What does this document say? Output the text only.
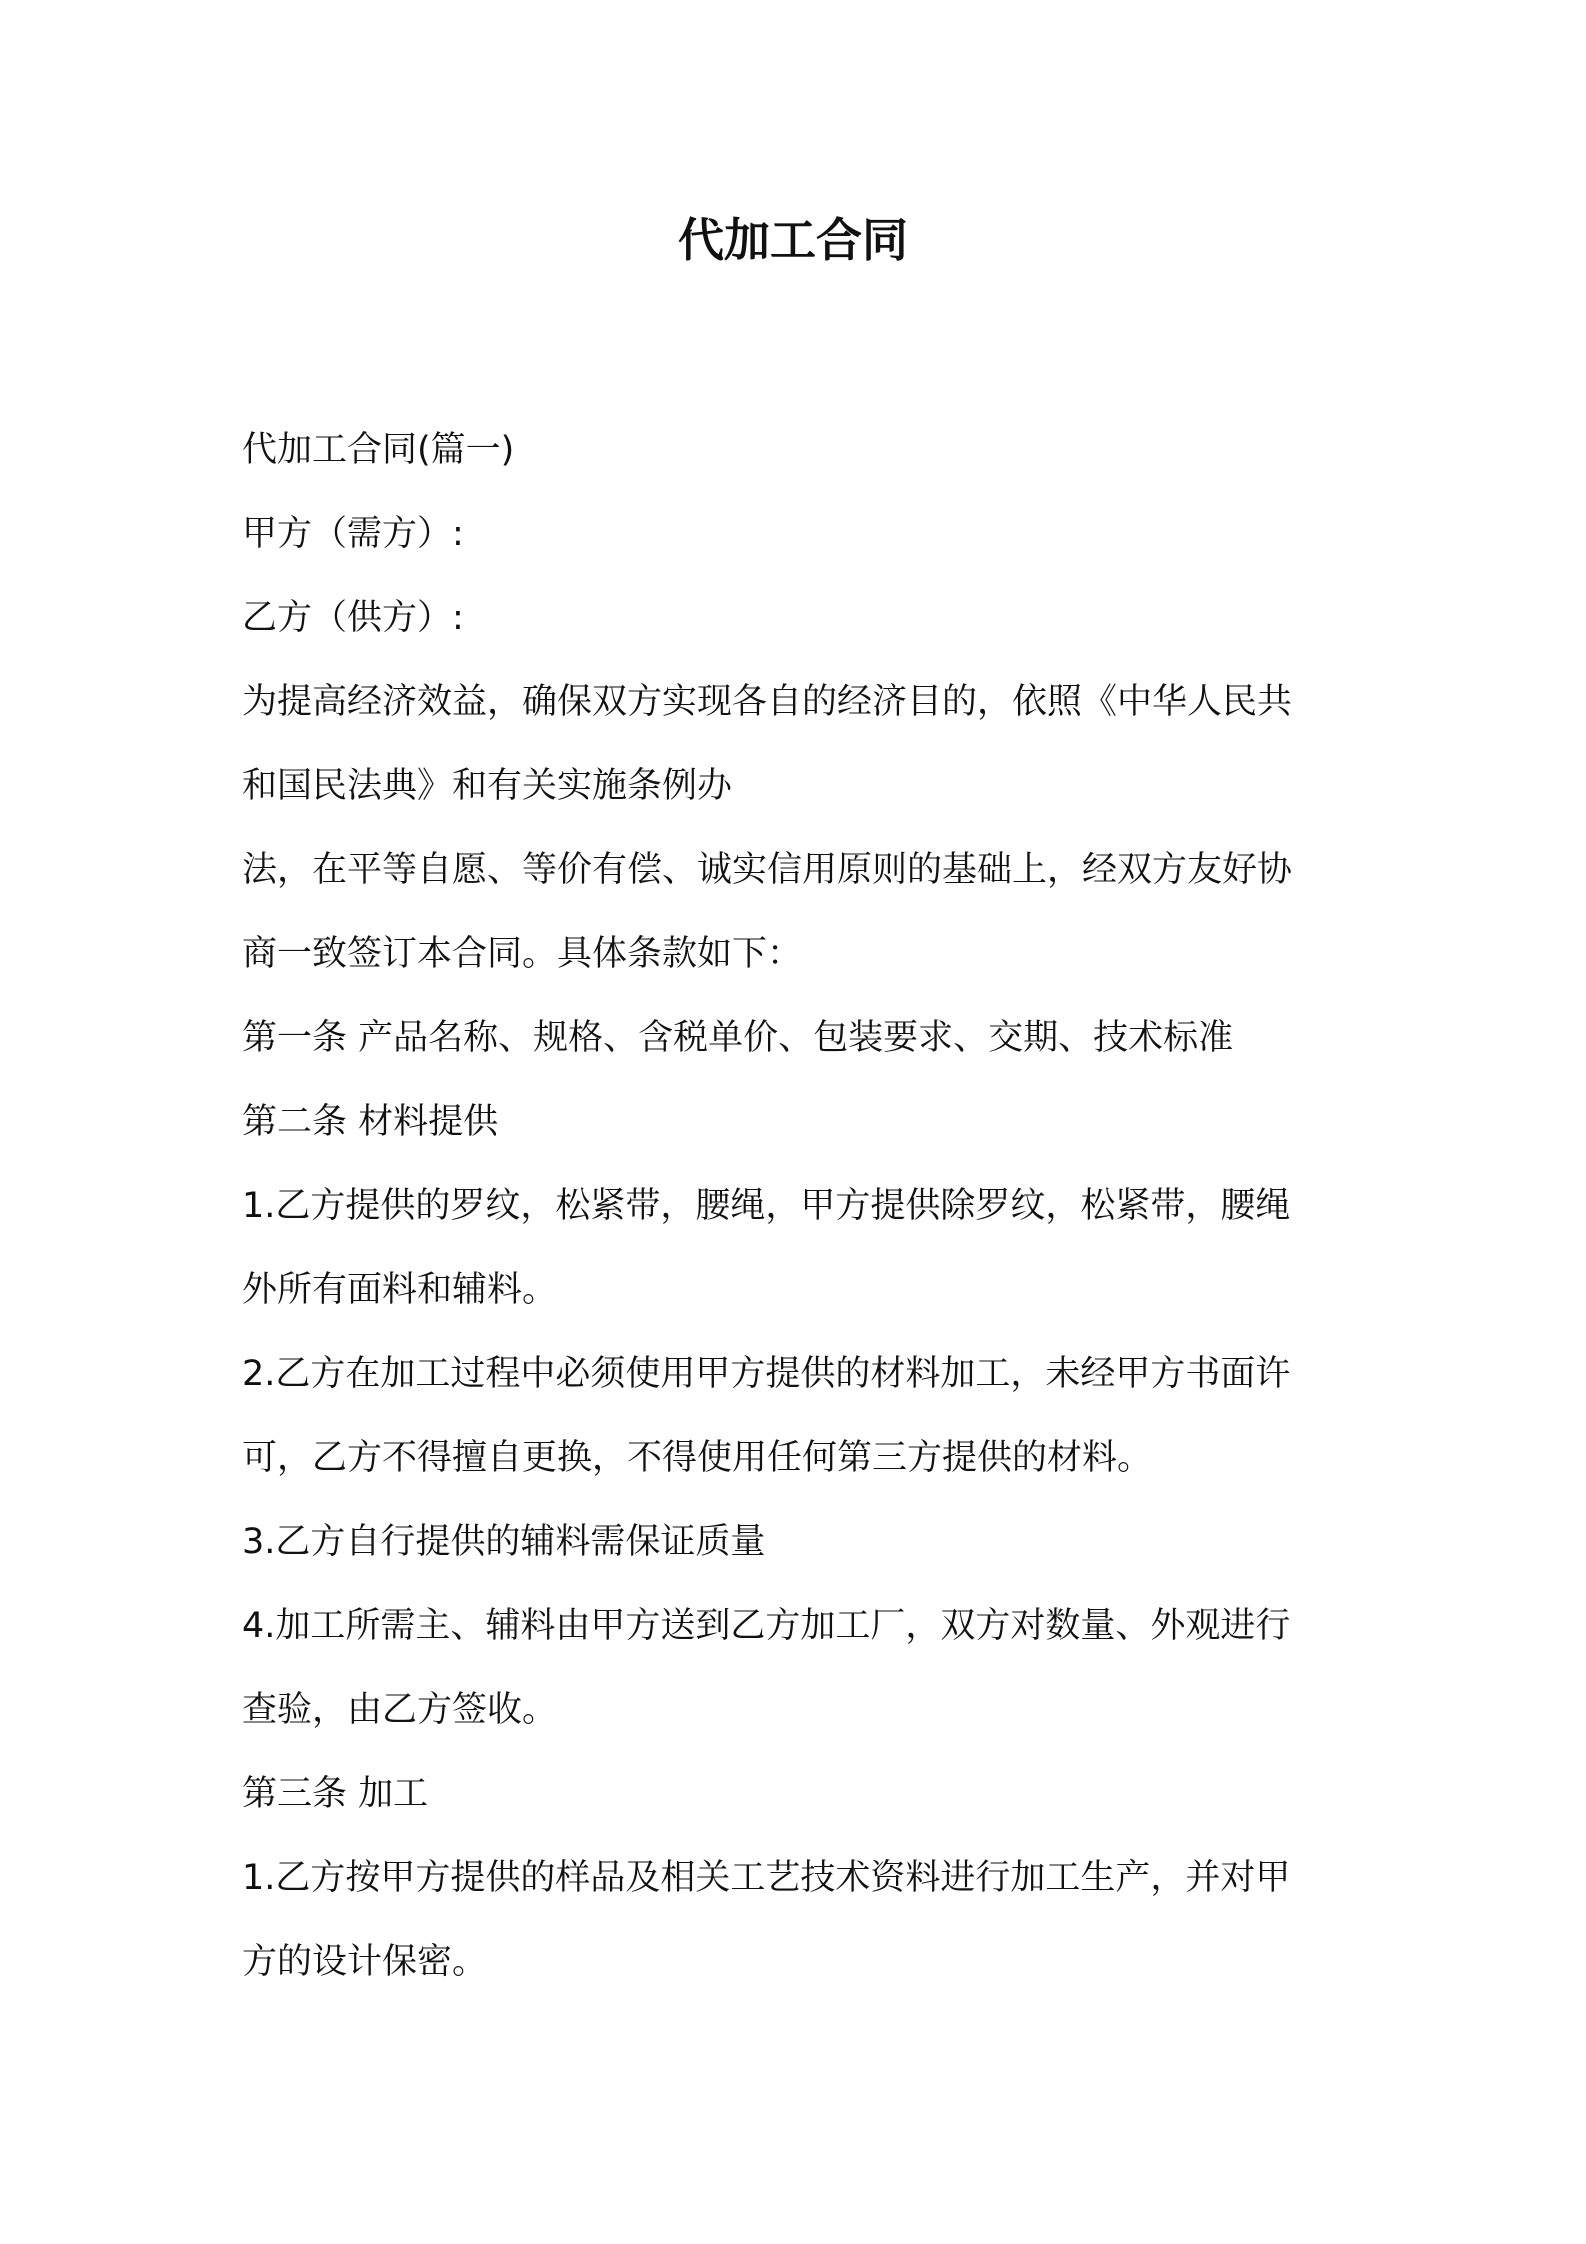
代加工合同

代加工合同(篇一)

甲方（需方）:

乙方（供方）:

为提高经济效益，确保双方实现各自的经济目的，依照《中华人民共

和国民法典》和有关实施条例办

法，在平等自愿、等价有偿、诚实信用原则的基础上，经双方友好协

商一致签订本合同。具体条款如下：

第一条 产品名称、规格、含税单价、包装要求、交期、技术标准

第二条 材料提供

1.乙方提供的罗纹，松紧带，腰绳，甲方提供除罗纹，松紧带，腰绳

外所有面料和辅料。

2.乙方在加工过程中必须使用甲方提供的材料加工，未经甲方书面许

可，乙方不得擅自更换，不得使用任何第三方提供的材料。

3.乙方自行提供的辅料需保证质量

4.加工所需主、辅料由甲方送到乙方加工厂，双方对数量、外观进行

查验，由乙方签收。

第三条 加工

1.乙方按甲方提供的样品及相关工艺技术资料进行加工生产，并对甲

方的设计保密。
